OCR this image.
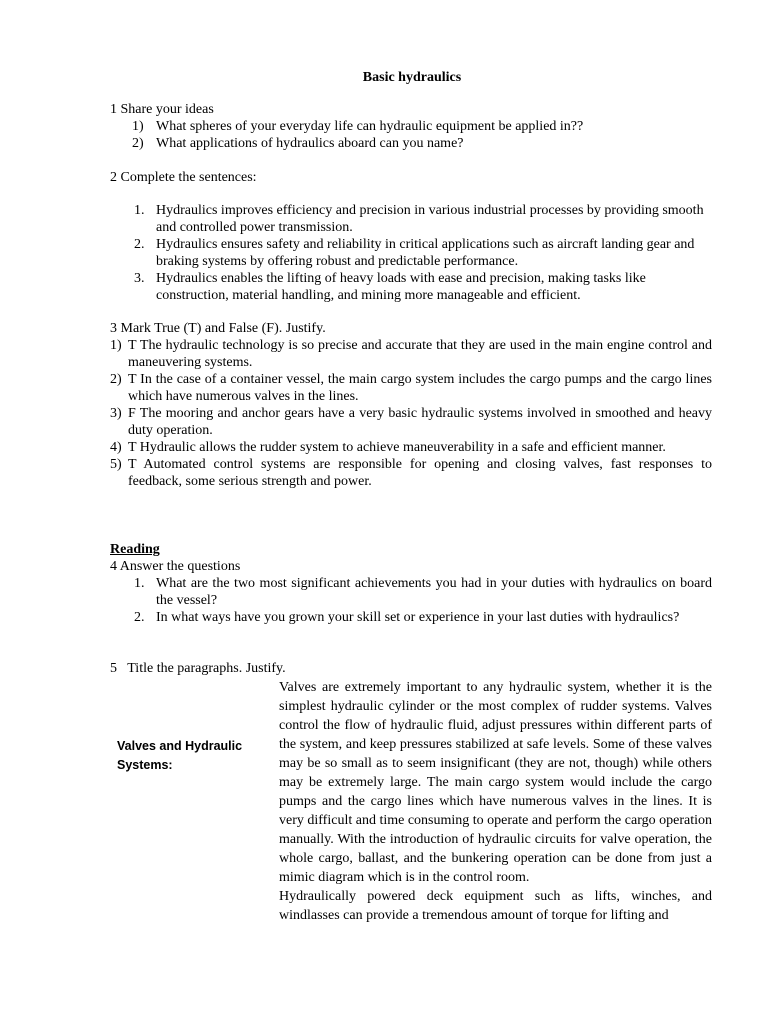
Basic hydraulics
1 Share your ideas
1) What spheres of your everyday life can hydraulic equipment be applied in??
2) What applications of hydraulics aboard can you name?
2 Complete the sentences:
1. Hydraulics improves efficiency and precision in various industrial processes by providing smooth and controlled power transmission.
2. Hydraulics ensures safety and reliability in critical applications such as aircraft landing gear and braking systems by offering robust and predictable performance.
3. Hydraulics enables the lifting of heavy loads with ease and precision, making tasks like construction, material handling, and mining more manageable and efficient.
3 Mark True (T) and False (F). Justify.
1) T The hydraulic technology is so precise and accurate that they are used in the main engine control and maneuvering systems.
2) T In the case of a container vessel, the main cargo system includes the cargo pumps and the cargo lines which have numerous valves in the lines.
3) F The mooring and anchor gears have a very basic hydraulic systems involved in smoothed and heavy duty operation.
4) T Hydraulic allows the rudder system to achieve maneuverability in a safe and efficient manner.
5) T Automated control systems are responsible for opening and closing valves, fast responses to feedback, some serious strength and power.
Reading
4 Answer the questions
1. What are the two most significant achievements you had in your duties with hydraulics on board the vessel?
2. In what ways have you grown your skill set or experience in your last duties with hydraulics?
5   Title the paragraphs. Justify.
Valves and Hydraulic Systems:

Valves are extremely important to any hydraulic system, whether it is the simplest hydraulic cylinder or the most complex of rudder systems. Valves control the flow of hydraulic fluid, adjust pressures within different parts of the system, and keep pressures stabilized at safe levels. Some of these valves may be so small as to seem insignificant (they are not, though) while others may be extremely large. The main cargo system would include the cargo pumps and the cargo lines which have numerous valves in the lines. It is very difficult and time consuming to operate and perform the cargo operation manually. With the introduction of hydraulic circuits for valve operation, the whole cargo, ballast, and the bunkering operation can be done from just a mimic diagram which is in the control room.

Hydraulically powered deck equipment such as lifts, winches, and windlasses can provide a tremendous amount of torque for lifting and
